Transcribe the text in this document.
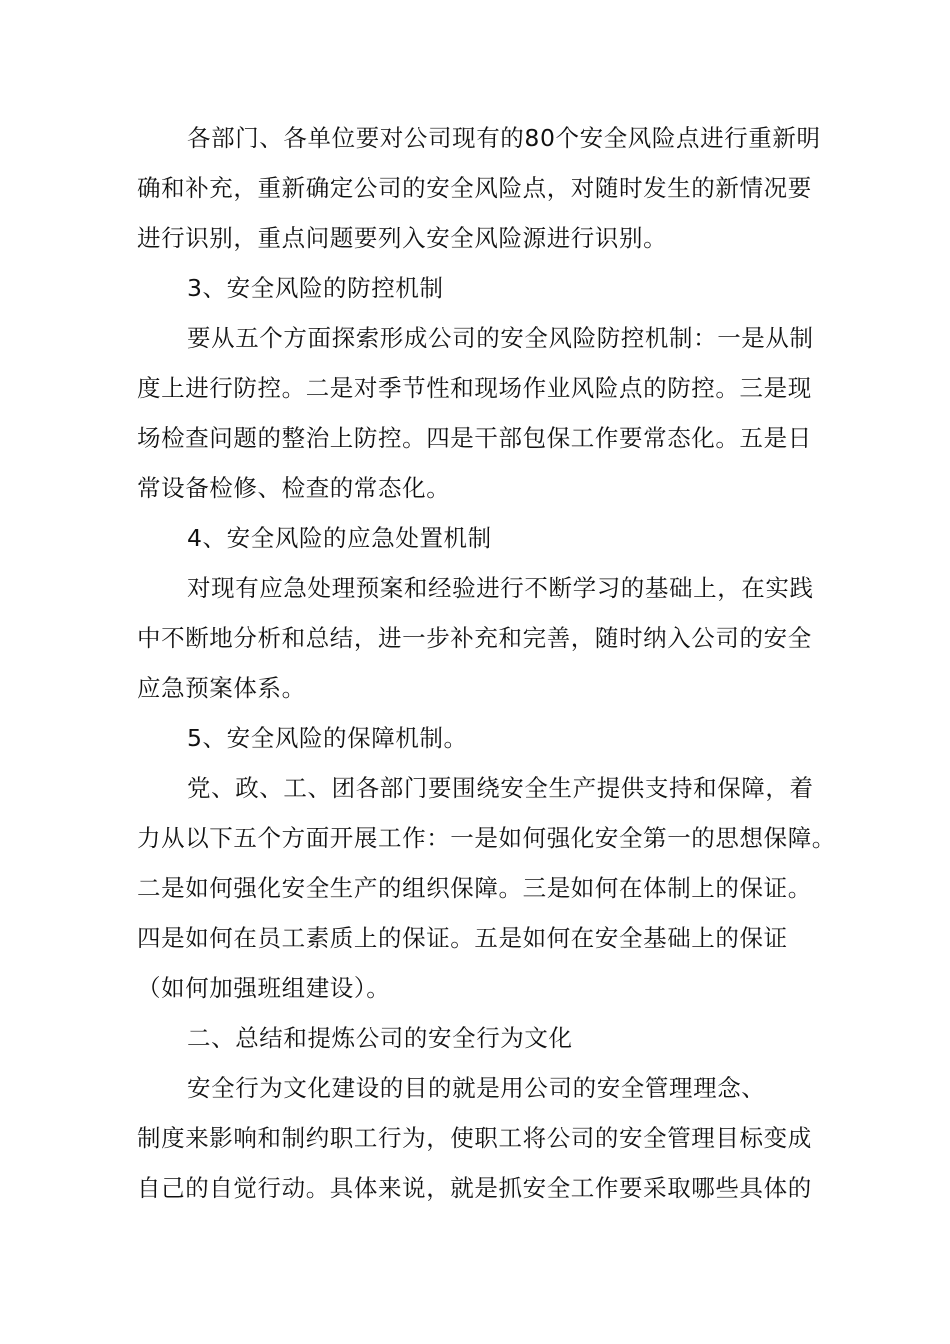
各部门、各单位要对公司现有的80个安全风险点进行重新明
确和补充，重新确定公司的安全风险点，对随时发生的新情况要
进行识别，重点问题要列入安全风险源进行识别。
3、安全风险的防控机制
要从五个方面探索形成公司的安全风险防控机制：一是从制
度上进行防控。二是对季节性和现场作业风险点的防控。三是现
场检查问题的整治上防控。四是干部包保工作要常态化。五是日
常设备检修、检查的常态化。
4、安全风险的应急处置机制
对现有应急处理预案和经验进行不断学习的基础上，在实践
中不断地分析和总结，进一步补充和完善，随时纳入公司的安全
应急预案体系。
5、安全风险的保障机制。
党、政、工、团各部门要围绕安全生产提供支持和保障，着
力从以下五个方面开展工作：一是如何强化安全第一的思想保障。
二是如何强化安全生产的组织保障。三是如何在体制上的保证。
四是如何在员工素质上的保证。五是如何在安全基础上的保证
（如何加强班组建设）。
二、总结和提炼公司的安全行为文化
安全行为文化建设的目的就是用公司的安全管理理念、
制度来影响和制约职工行为，使职工将公司的安全管理目标变成
自己的自觉行动。具体来说，就是抓安全工作要采取哪些具体的
